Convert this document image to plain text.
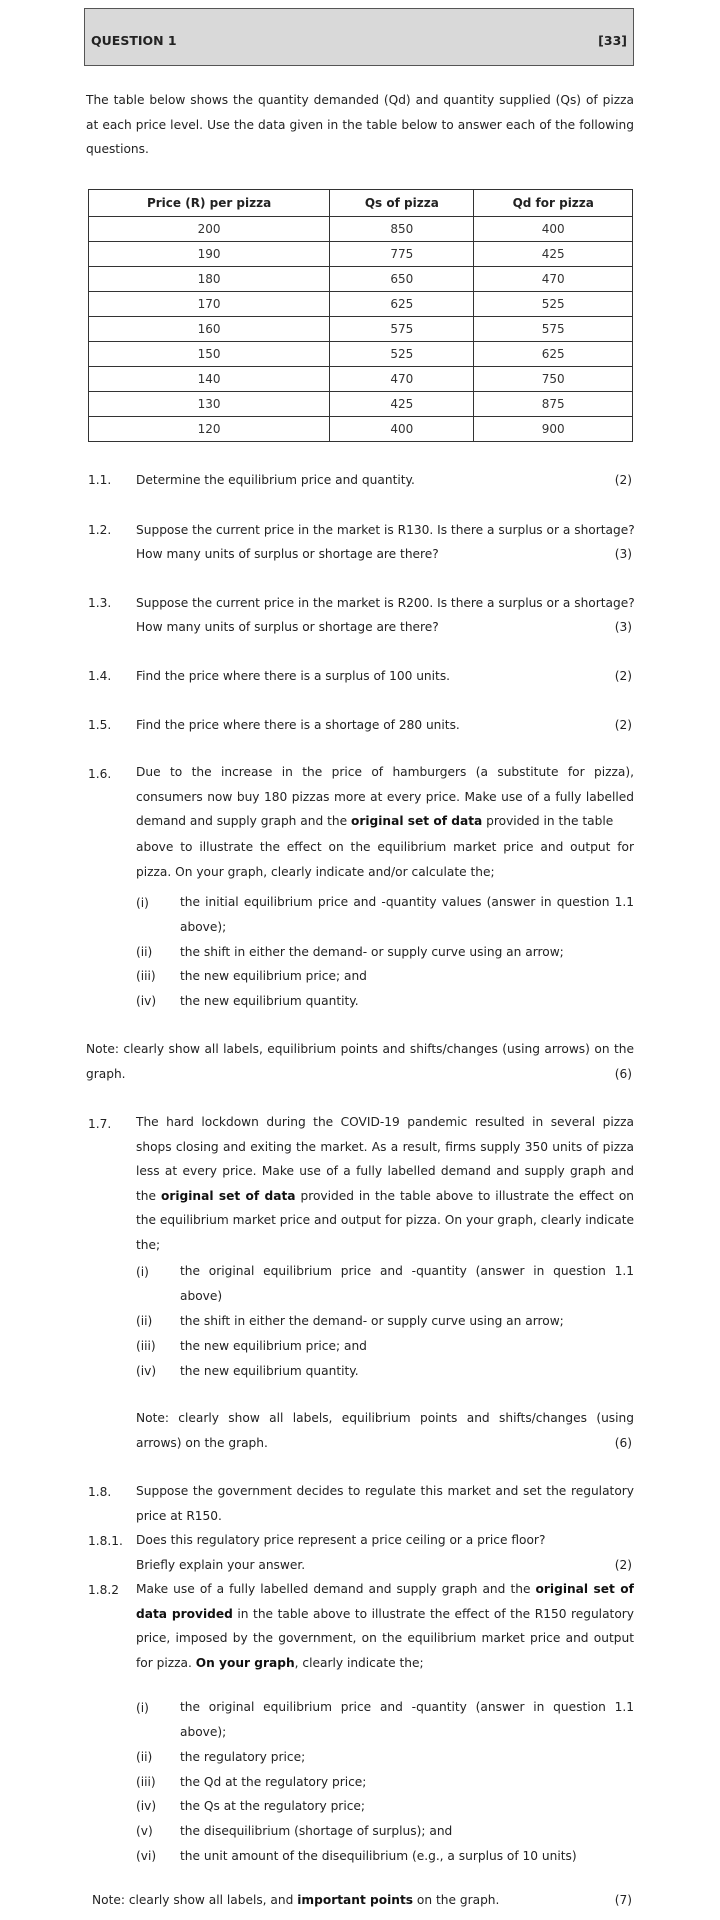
QUESTION 1	[33]
The table below shows the quantity demanded (Qd) and quantity supplied (Qs) of pizza at each price level. Use the data given in the table below to answer each of the following questions.
Price (R) per pizza	Qs of pizza	Qd for pizza
200	850	400
190	775	425
180	650	470
170	625	525
160	575	575
150	525	625
140	470	750
130	425	875
120	400	900
1.1. Determine the equilibrium price and quantity.	(2)
1.2. Suppose the current price in the market is R130. Is there a surplus or a shortage?
How many units of surplus or shortage are there?	(3)
1.3. Suppose the current price in the market is R200. Is there a surplus or a shortage?
How many units of surplus or shortage are there?	(3)
1.4. Find the price where there is a surplus of 100 units.	(2)
1.5. Find the price where there is a shortage of 280 units.	(2)
1.6. Due to the increase in the price of hamburgers (a substitute for pizza), consumers now buy 180 pizzas more at every price. Make use of a fully labelled demand and supply graph and the original set of data provided in the table
above to illustrate the effect on the equilibrium market price and output for pizza. On your graph, clearly indicate and/or calculate the;
(i)	the initial equilibrium price and -quantity values (answer in question 1.1 above);
(ii) the shift in either the demand- or supply curve using an arrow;
(iii) the new equilibrium price; and
(iv) the new equilibrium quantity.
Note: clearly show all labels, equilibrium points and shifts/changes (using arrows) on the graph.	(6)
1.7. The hard lockdown during the COVID-19 pandemic resulted in several pizza shops closing and exiting the market. As a result, firms supply 350 units of pizza less at every price. Make use of a fully labelled demand and supply graph and the original set of data provided in the table above to illustrate the effect on the equilibrium market price and output for pizza. On your graph, clearly indicate the;
(i)	the original equilibrium price and -quantity (answer in question 1.1 above)
(ii) the shift in either the demand- or supply curve using an arrow;
(iii) the new equilibrium price; and
(iv) the new equilibrium quantity.
Note: clearly show all labels, equilibrium points and shifts/changes (using arrows) on the graph.	(6)
1.8. Suppose the government decides to regulate this market and set the regulatory price at R150.
1.8.1. Does this regulatory price represent a price ceiling or a price floor? Briefly explain your answer.	(2)
1.8.2 Make use of a fully labelled demand and supply graph and the original set of data provided in the table above to illustrate the effect of the R150 regulatory price, imposed by the government, on the equilibrium market price and output for pizza. On your graph, clearly indicate the;
(i)	the original equilibrium price and -quantity (answer in question 1.1 above);
(ii) the regulatory price;
(iii) the Qd at the regulatory price;
(iv) the Qs at the regulatory price;
(v) the disequilibrium (shortage of surplus); and
(vi) the unit amount of the disequilibrium (e.g., a surplus of 10 units)
Note: clearly show all labels, and important points on the graph.	(7)
